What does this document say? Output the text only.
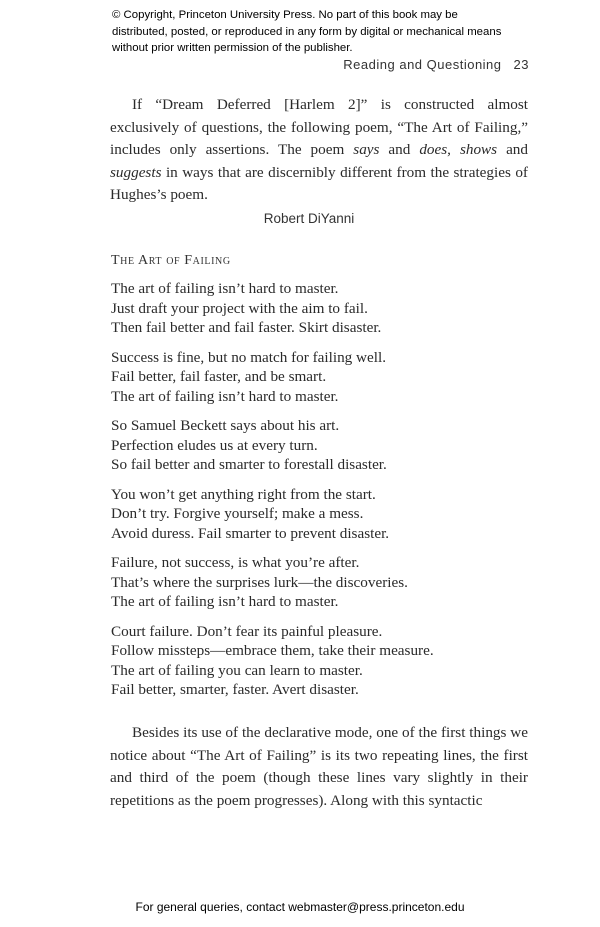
© Copyright, Princeton University Press. No part of this book may be distributed, posted, or reproduced in any form by digital or mechanical means without prior written permission of the publisher.
Reading and Questioning 23

If “Dream Deferred [Harlem 2]” is constructed almost exclusively of questions, the following poem, “The Art of Failing,” includes only assertions. The poem says and does, shows and suggests in ways that are discernibly different from the strategies of Hughes’s poem.

Robert DiYanni
The Art of Failing
The art of failing isn’t hard to master.
Just draft your project with the aim to fail.
Then fail better and fail faster. Skirt disaster.
Success is fine, but no match for failing well.
Fail better, fail faster, and be smart.
The art of failing isn’t hard to master.
So Samuel Beckett says about his art.
Perfection eludes us at every turn.
So fail better and smarter to forestall disaster.
You won’t get anything right from the start.
Don’t try. Forgive yourself; make a mess.
Avoid duress. Fail smarter to prevent disaster.
Failure, not success, is what you’re after.
That’s where the surprises lurk—the discoveries.
The art of failing isn’t hard to master.
Court failure. Don’t fear its painful pleasure.
Follow missteps—embrace them, take their measure.
The art of failing you can learn to master.
Fail better, smarter, faster. Avert disaster.

Besides its use of the declarative mode, one of the first things we notice about “The Art of Failing” is its two repeating lines, the first and third of the poem (though these lines vary slightly in their repetitions as the poem progresses). Along with this syntactic

For general queries, contact webmaster@press.princeton.edu
